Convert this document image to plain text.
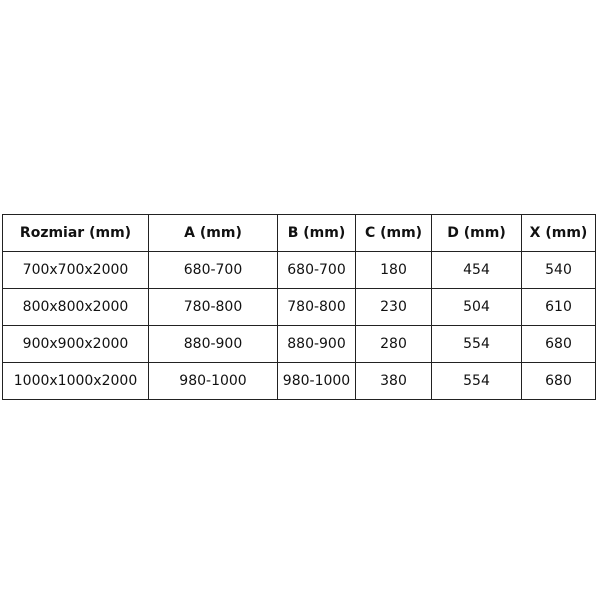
Rozmiar (mm)	A (mm)	B (mm)	C (mm)	D (mm)	X (mm)
700x700x2000	680-700	680-700	180	454	540
800x800x2000	780-800	780-800	230	504	610
900x900x2000	880-900	880-900	280	554	680
1000x1000x2000	980-1000	980-1000	380	554	680
